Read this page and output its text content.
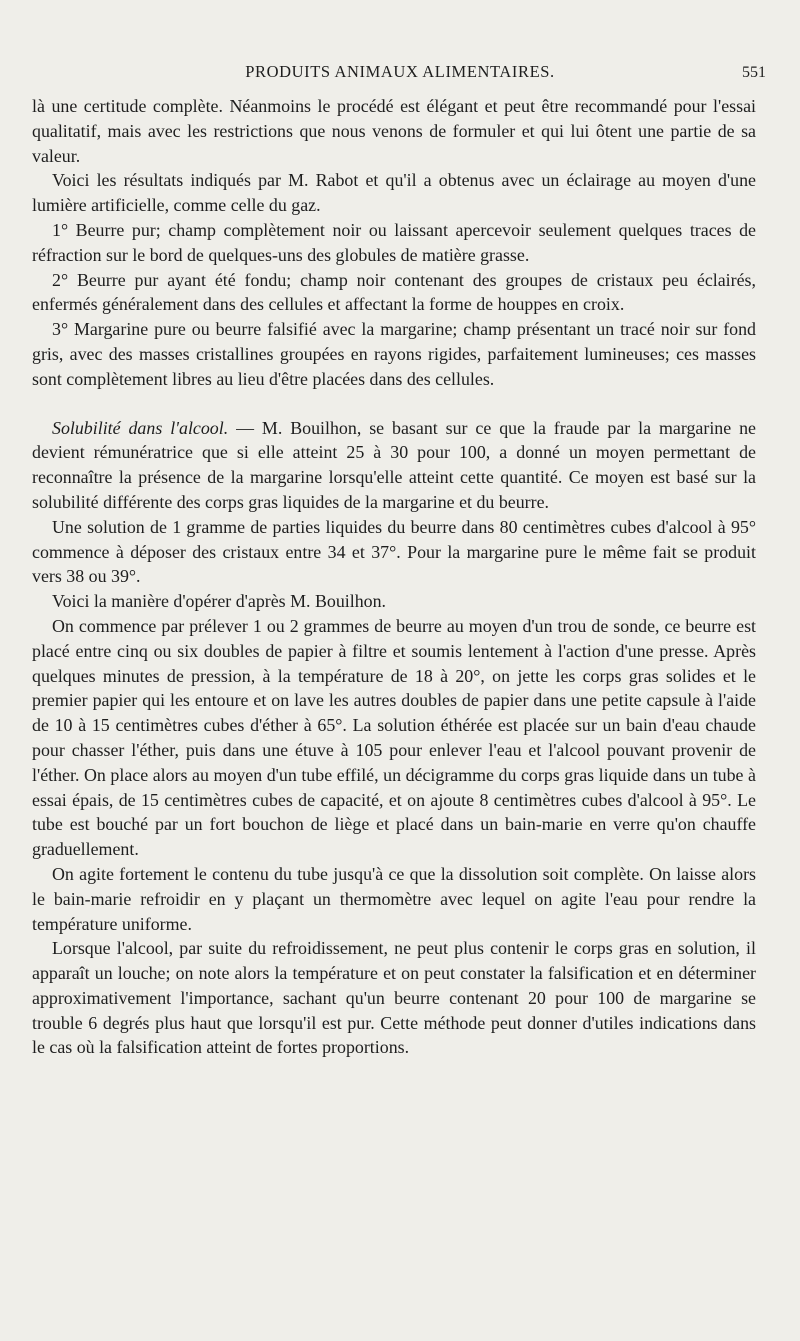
PRODUITS ANIMAUX ALIMENTAIRES.	551

là une certitude complète. Néanmoins le procédé est élégant et peut être recommandé pour l'essai qualitatif, mais avec les restrictions que nous venons de formuler et qui lui ôtent une partie de sa valeur.

Voici les résultats indiqués par M. Rabot et qu'il a obtenus avec un éclairage au moyen d'une lumière artificielle, comme celle du gaz.

1° Beurre pur; champ complètement noir ou laissant apercevoir seulement quelques traces de réfraction sur le bord de quelques-uns des globules de matière grasse.

2° Beurre pur ayant été fondu; champ noir contenant des groupes de cristaux peu éclairés, enfermés généralement dans des cellules et affectant la forme de houppes en croix.

3° Margarine pure ou beurre falsifié avec la margarine; champ présentant un tracé noir sur fond gris, avec des masses cristallines groupées en rayons rigides, parfaitement lumineuses; ces masses sont complètement libres au lieu d'être placées dans des cellules.

Solubilité dans l'alcool. — M. Bouilhon, se basant sur ce que la fraude par la margarine ne devient rémunératrice que si elle atteint 25 à 30 pour 100, a donné un moyen permettant de reconnaître la présence de la margarine lorsqu'elle atteint cette quantité. Ce moyen est basé sur la solubilité différente des corps gras liquides de la margarine et du beurre.

Une solution de 1 gramme de parties liquides du beurre dans 80 centimètres cubes d'alcool à 95° commence à déposer des cristaux entre 34 et 37°. Pour la margarine pure le même fait se produit vers 38 ou 39°.

Voici la manière d'opérer d'après M. Bouilhon.

On commence par prélever 1 ou 2 grammes de beurre au moyen d'un trou de sonde, ce beurre est placé entre cinq ou six doubles de papier à filtre et soumis lentement à l'action d'une presse. Après quelques minutes de pression, à la température de 18 à 20°, on jette les corps gras solides et le premier papier qui les entoure et on lave les autres doubles de papier dans une petite capsule à l'aide de 10 à 15 centimètres cubes d'éther à 65°. La solution éthérée est placée sur un bain d'eau chaude pour chasser l'éther, puis dans une étuve à 105 pour enlever l'eau et l'alcool pouvant provenir de l'éther. On place alors au moyen d'un tube effilé, un décigramme du corps gras liquide dans un tube à essai épais, de 15 centimètres cubes de capacité, et on ajoute 8 centimètres cubes d'alcool à 95°. Le tube est bouché par un fort bouchon de liège et placé dans un bain-marie en verre qu'on chauffe graduellement.

On agite fortement le contenu du tube jusqu'à ce que la dissolution soit complète. On laisse alors le bain-marie refroidir en y plaçant un thermomètre avec lequel on agite l'eau pour rendre la température uniforme.

Lorsque l'alcool, par suite du refroidissement, ne peut plus contenir le corps gras en solution, il apparaît un louche; on note alors la température et on peut constater la falsification et en déterminer approximativement l'importance, sachant qu'un beurre contenant 20 pour 100 de margarine se trouble 6 degrés plus haut que lorsqu'il est pur. Cette méthode peut donner d'utiles indications dans le cas où la falsification atteint de fortes proportions.
